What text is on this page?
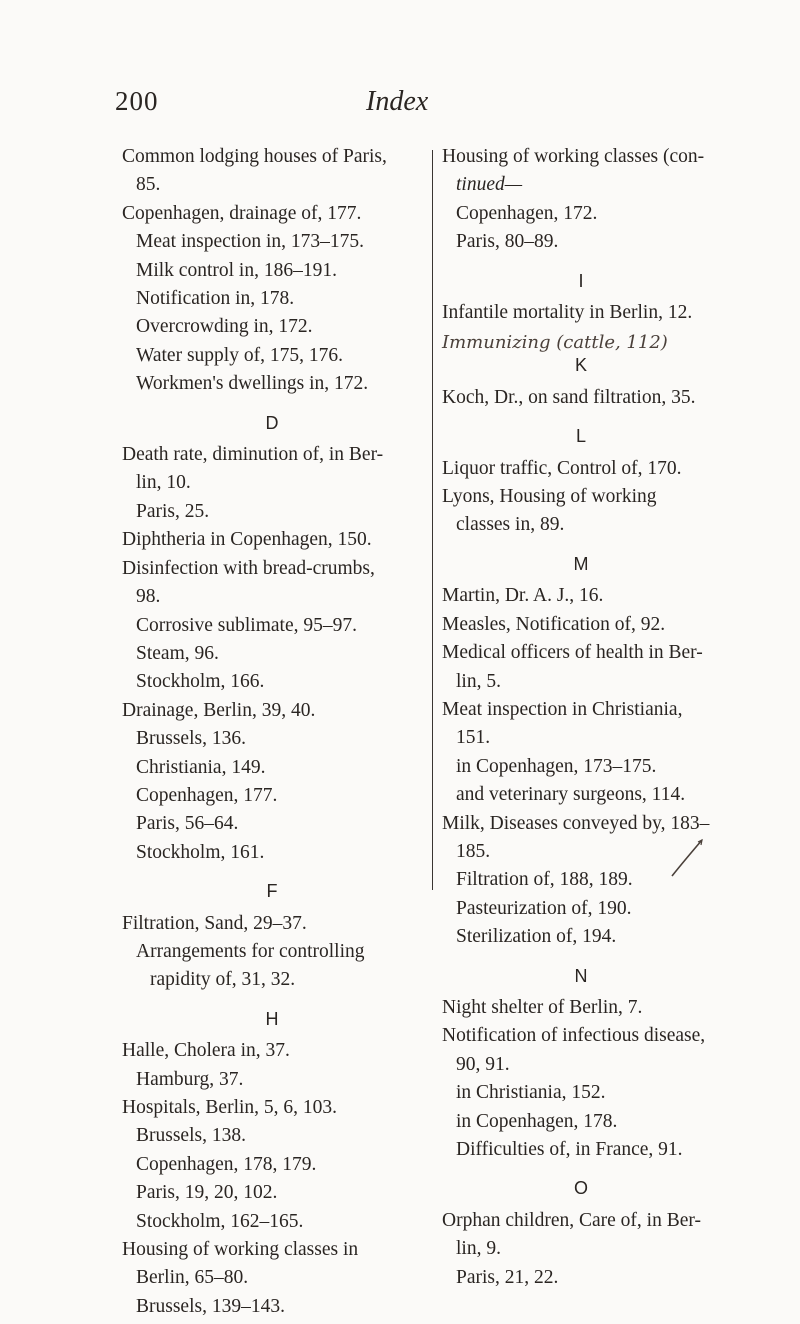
200	Index
Common lodging houses of Paris,
85.
Copenhagen, drainage of, 177.
Meat inspection in, 173–175.
Milk control in, 186–191.
Notification in, 178.
Overcrowding in, 172.
Water supply of, 175, 176.
Workmen's dwellings in, 172.
D
Death rate, diminution of, in Ber-
lin, 10.
Paris, 25.
Diphtheria in Copenhagen, 150.
Disinfection with bread-crumbs,
98.
Corrosive sublimate, 95–97.
Steam, 96.
Stockholm, 166.
Drainage, Berlin, 39, 40.
Brussels, 136.
Christiania, 149.
Copenhagen, 177.
Paris, 56–64.
Stockholm, 161.
F
Filtration, Sand, 29–37.
Arrangements for controlling
rapidity of, 31, 32.
H
Halle, Cholera in, 37.
Hamburg, 37.
Hospitals, Berlin, 5, 6, 103.
Brussels, 138.
Copenhagen, 178, 179.
Paris, 19, 20, 102.
Stockholm, 162–165.
Housing of working classes in
Berlin, 65–80.
Brussels, 139–143.
Housing of working classes (con-
tinued—
Copenhagen, 172.
Paris, 80–89.
I
Infantile mortality in Berlin, 12.
Immunizing (cattle, 112)
K
Koch, Dr., on sand filtration, 35.
L
Liquor traffic, Control of, 170.
Lyons, Housing of working
classes in, 89.
M
Martin, Dr. A. J., 16.
Measles, Notification of, 92.
Medical officers of health in Ber-
lin, 5.
Meat inspection in Christiania,
151.
in Copenhagen, 173–175.
and veterinary surgeons, 114.
Milk, Diseases conveyed by, 183–
185.
Filtration of, 188, 189.
Pasteurization of, 190.
Sterilization of, 194.
N
Night shelter of Berlin, 7.
Notification of infectious disease,
90, 91.
in Christiania, 152.
in Copenhagen, 178.
Difficulties of, in France, 91.
O
Orphan children, Care of, in Ber-
lin, 9.
Paris, 21, 22.
